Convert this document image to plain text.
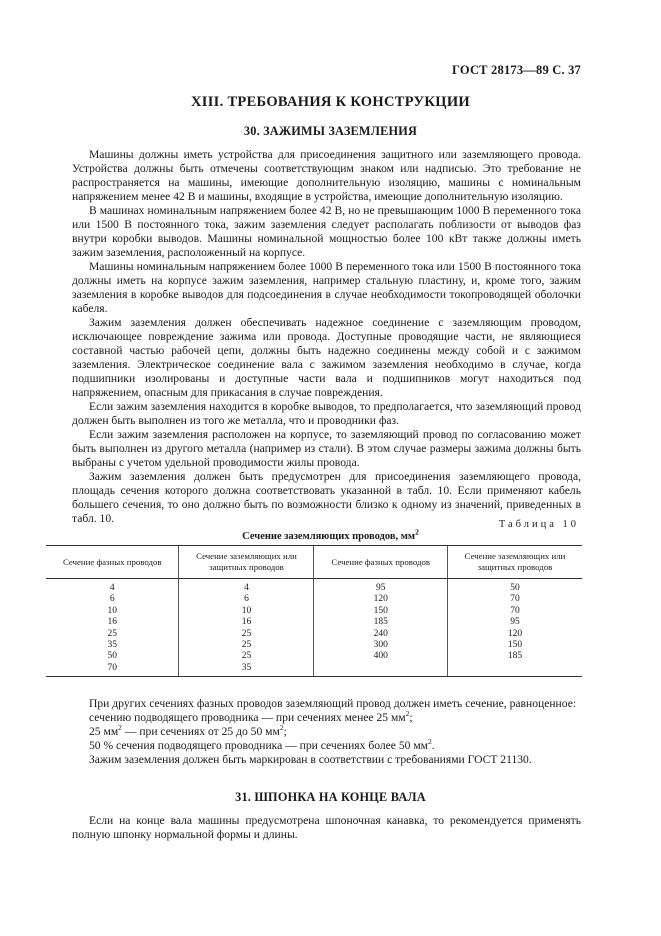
ГОСТ 28173—89 С. 37
XIII. ТРЕБОВАНИЯ К КОНСТРУКЦИИ
30. ЗАЖИМЫ ЗАЗЕМЛЕНИЯ

Машины должны иметь устройства для присоединения защитного или заземляющего провода. Устройства должны быть отмечены соответствующим знаком или надписью. Это требование не распространяется на машины, имеющие дополнительную изоляцию, машины с номинальным напряжением менее 42 В и машины, входящие в устройства, имеющие дополнительную изоляцию.

В машинах номинальным напряжением более 42 В, но не превышающим 1000 В переменного тока или 1500 В постоянного тока, зажим заземления следует располагать поблизости от выводов фаз внутри коробки выводов. Машины номинальной мощностью более 100 кВт также должны иметь зажим заземления, расположенный на корпусе.

Машины номинальным напряжением более 1000 В переменного тока или 1500 В постоянного тока должны иметь на корпусе зажим заземления, например стальную пластину, и, кроме того, зажим заземления в коробке выводов для подсоединения в случае необходимости токопроводящей оболочки кабеля.

Зажим заземления должен обеспечивать надежное соединение с заземляющим проводом, исключающее повреждение зажима или провода. Доступные проводящие части, не являющиеся составной частью рабочей цепи, должны быть надежно соединены между собой и с зажимом заземления. Электрическое соединение вала с зажимом заземления необходимо в случае, когда подшипники изолированы и доступные части вала и подшипников могут находиться под напряжением, опасным для прикасания в случае повреждения.

Если зажим заземления находится в коробке выводов, то предполагается, что заземляющий провод должен быть выполнен из того же металла, что и проводники фаз.

Если зажим заземления расположен на корпусе, то заземляющий провод по согласованию может быть выполнен из другого металла (например из стали). В этом случае размеры зажима должны быть выбраны с учетом удельной проводимости жилы провода.

Зажим заземления должен быть предусмотрен для присоединения заземляющего провода, площадь сечения которого должна соответствовать указанной в табл. 10. Если применяют кабель большего сечения, то оно должно быть по возможности близко к одному из значений, приведенных в табл. 10.	Таблица 10
Сечение заземляющих проводов, $мм^2$
Сечение фазных проводов	Сечение заземляющих или защитных проводов	Сечение фазных проводов	Сечение заземляющих или защитных проводов
4	4	95	50
6	6	120	70
10	10	150	70
16	16	185	95
25	25	240	120
35	25	300	150
50	25	400	185
70	35		

При других сечениях фазных проводов заземляющий провод должен иметь сечение, равноценное:

сечению подводящего проводника — при сечениях менее 25 $мм^2$;

25 $мм^2$ — при сечениях от 25 до 50 $мм^2$;

50 % сечения подводящего проводника — при сечениях более 50 $мм^2$.

Зажим заземления должен быть маркирован в соответствии с требованиями ГОСТ 21130.

31. ШПОНКА НА КОНЦЕ ВАЛА

Если на конце вала машины предусмотрена шпоночная канавка, то рекомендуется применять полную шпонку нормальной формы и длины.
